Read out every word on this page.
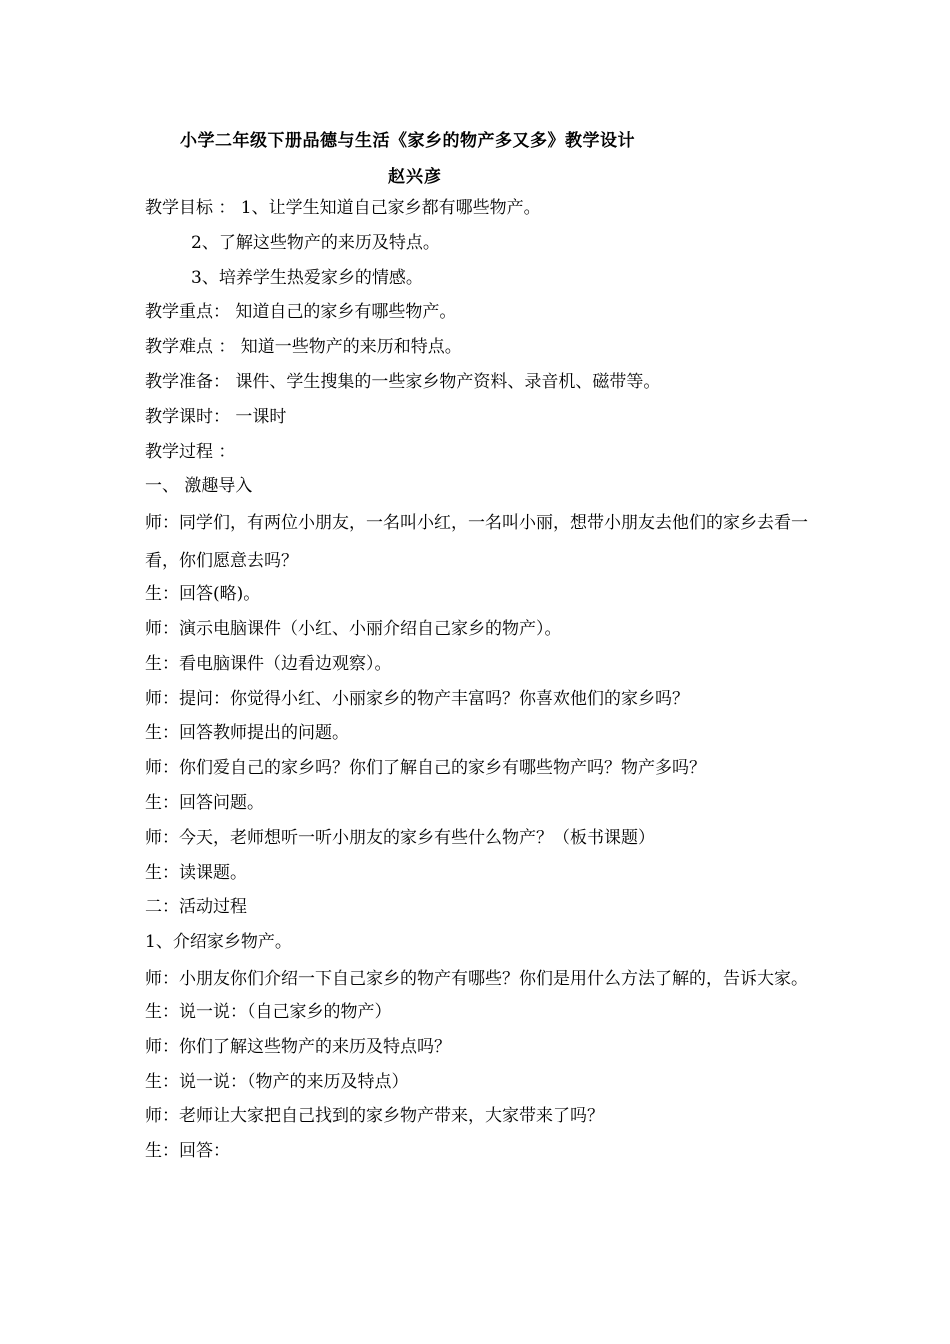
小学二年级下册品德与生活《家乡的物产多又多》教学设计
赵兴彦
教学目标 ： 1、让学生知道自己家乡都有哪些物产。
2、了解这些物产的来历及特点。
3、培养学生热爱家乡的情感。
教学重点： 知道自己的家乡有哪些物产。
教学难点 ： 知道一些物产的来历和特点。
教学准备： 课件、学生搜集的一些家乡物产资料、录音机、磁带等。
教学课时： 一课时
教学过程 ：
一、 激趣导入
师：同学们，有两位小朋友，一名叫小红，一名叫小丽，想带小朋友去他们的家乡去看一看，你们愿意去吗？
生：回答(略)。
师：演示电脑课件（小红、小丽介绍自己家乡的物产）。
生：看电脑课件（边看边观察）。
师：提问：你觉得小红、小丽家乡的物产丰富吗？你喜欢他们的家乡吗？
生：回答教师提出的问题。
师：你们爱自己的家乡吗？你们了解自己的家乡有哪些物产吗？物产多吗？
生：回答问题。
师：今天，老师想听一听小朋友的家乡有些什么物产？（板书课题）
生：读课题。
二：活动过程
1、介绍家乡物产。
师：小朋友你们介绍一下自己家乡的物产有哪些？你们是用什么方法了解的，告诉大家。
生：说一说：（自己家乡的物产）
师：你们了解这些物产的来历及特点吗？
生：说一说：（物产的来历及特点）
师：老师让大家把自己找到的家乡物产带来，大家带来了吗？
生：回答：
